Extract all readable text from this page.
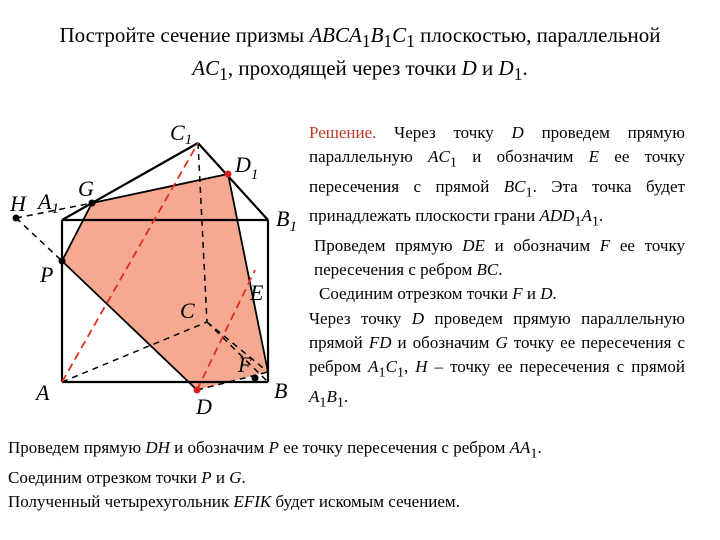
Постройте сечение призмы $ABCA_1B_1C_1$ плоскостью, параллельной
$AC_1$, проходящей через точки D и $D_1$.
C1
$D_1$
H A1
G
$B_1$
P
C
E
F
A	B
D

Решение. Через точку D проведем прямую параллельную $AC_1$ и обозначим E ее точку пересечения с прямой $BC_1$. Эта точка будет принадлежать плоскости грани $ADD_1A_1$.

Проведем прямую DE и обозначим F ее точку пересечения с ребром BC.

Соединим отрезком точки F и D.

Через точку D проведем прямую параллельную прямой FD и обозначим G точку ее пересечения с ребром $A_1C_1$, H – точку ее пересечения с прямой $A_1B_1$.

Проведем прямую DH и обозначим P ее точку пересечения с ребром $AA_1$.

Соединим отрезком точки P и G.

Полученный четырехугольник EFIK будет искомым сечением.
